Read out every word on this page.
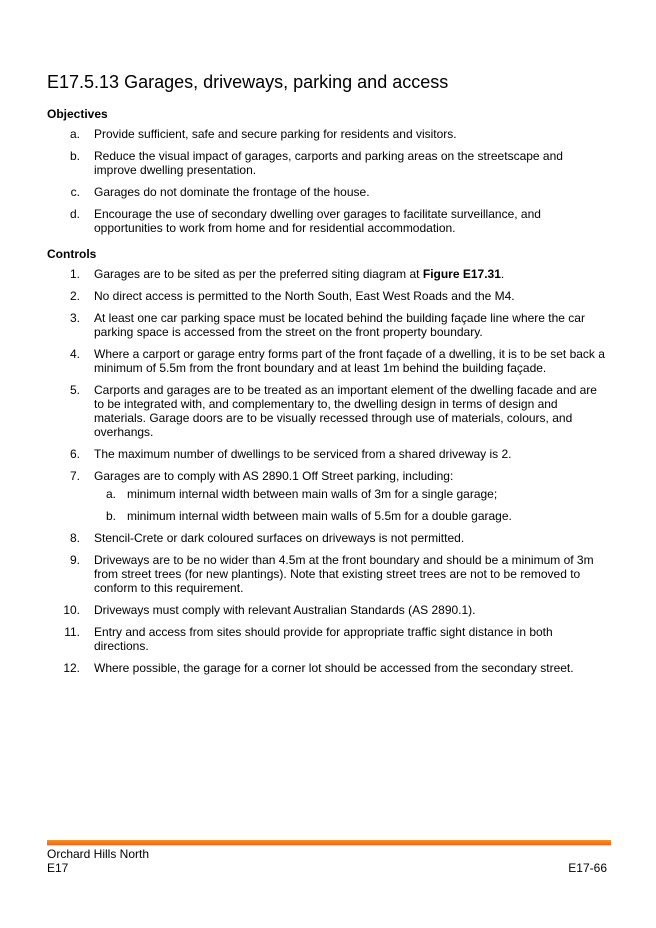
E17.5.13 Garages, driveways, parking and access
Objectives
a. Provide sufficient, safe and secure parking for residents and visitors.
b. Reduce the visual impact of garages, carports and parking areas on the streetscape and improve dwelling presentation.
c. Garages do not dominate the frontage of the house.
d. Encourage the use of secondary dwelling over garages to facilitate surveillance, and opportunities to work from home and for residential accommodation.
Controls
1. Garages are to be sited as per the preferred siting diagram at Figure E17.31.
2. No direct access is permitted to the North South, East West Roads and the M4.
3. At least one car parking space must be located behind the building façade line where the car parking space is accessed from the street on the front property boundary.
4. Where a carport or garage entry forms part of the front façade of a dwelling, it is to be set back a minimum of 5.5m from the front boundary and at least 1m behind the building façade.
5. Carports and garages are to be treated as an important element of the dwelling facade and are to be integrated with, and complementary to, the dwelling design in terms of design and materials. Garage doors are to be visually recessed through use of materials, colours, and overhangs.
6. The maximum number of dwellings to be serviced from a shared driveway is 2.
7. Garages are to comply with AS 2890.1 Off Street parking, including:
a. minimum internal width between main walls of 3m for a single garage;
b. minimum internal width between main walls of 5.5m for a double garage.
8. Stencil-Crete or dark coloured surfaces on driveways is not permitted.
9. Driveways are to be no wider than 4.5m at the front boundary and should be a minimum of 3m from street trees (for new plantings). Note that existing street trees are not to be removed to conform to this requirement.
10. Driveways must comply with relevant Australian Standards (AS 2890.1).
11. Entry and access from sites should provide for appropriate traffic sight distance in both directions.
12. Where possible, the garage for a corner lot should be accessed from the secondary street.
Orchard Hills North
E17	E17-66
